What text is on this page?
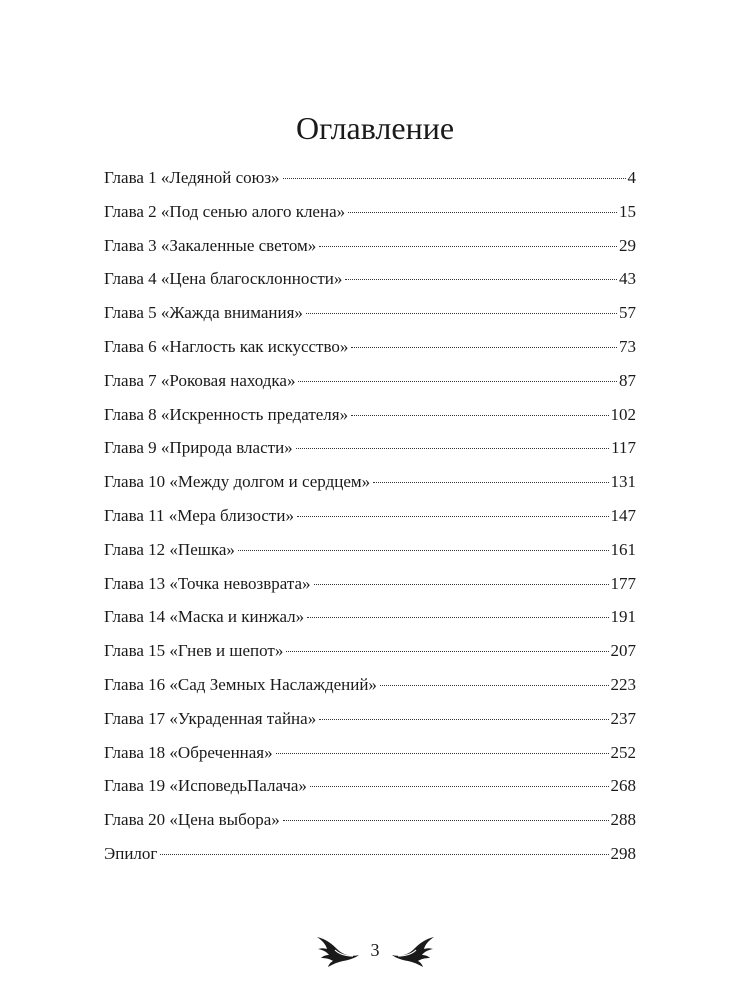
Оглавление
Глава 1 «Ледяной союз»	4
Глава 2 «Под сенью алого клена»	15
Глава 3 «Закаленные светом»	29
Глава 4 «Цена благосклонности»	43
Глава 5 «Жажда внимания»	57
Глава 6 «Наглость как искусство»	73
Глава 7 «Роковая находка»	87
Глава 8 «Искренность предателя»	102
Глава 9 «Природа власти»	117
Глава 10 «Между долгом и сердцем»	131
Глава 11 «Мера близости»	147
Глава 12 «Пешка»	161
Глава 13 «Точка невозврата»	177
Глава 14 «Маска и кинжал»	191
Глава 15 «Гнев и шепот»	207
Глава 16 «Сад Земных Наслаждений»	223
Глава 17 «Украденная тайна»	237
Глава 18 «Обреченная»	252
Глава 19 «ИсповедьПалача»	268
Глава 20 «Цена выбора»	288
Эпилог	298
3
